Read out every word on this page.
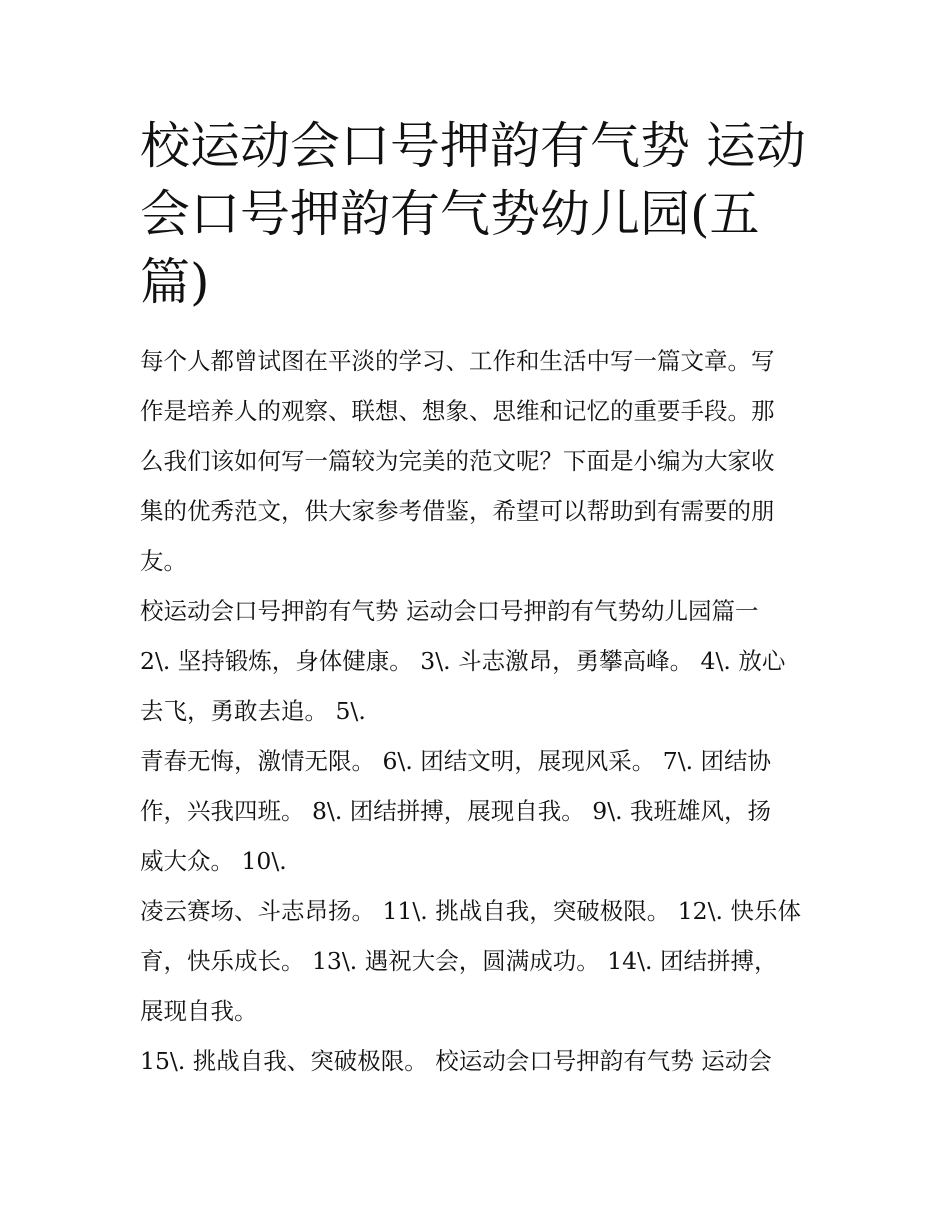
校运动会口号押韵有气势 运动
会口号押韵有气势幼儿园(五
篇)

每个人都曾试图在平淡的学习、工作和生活中写一篇文章。写
作是培养人的观察、联想、想象、思维和记忆的重要手段。那
么我们该如何写一篇较为完美的范文呢？下面是小编为大家收
集的优秀范文，供大家参考借鉴，希望可以帮助到有需要的朋
友。

校运动会口号押韵有气势 运动会口号押韵有气势幼儿园篇一

2\. 坚持锻炼，身体健康。 3\. 斗志激昂，勇攀高峰。 4\. 放心
去飞，勇敢去追。 5\.

青春无悔，激情无限。 6\. 团结文明，展现风采。 7\. 团结协
作，兴我四班。 8\. 团结拼搏，展现自我。 9\. 我班雄风，扬
威大众。 10\.

凌云赛场、斗志昂扬。 11\. 挑战自我，突破极限。 12\. 快乐体
育，快乐成长。 13\. 遇祝大会，圆满成功。 14\. 团结拼搏，
展现自我。

15\. 挑战自我、突破极限。 校运动会口号押韵有气势 运动会
